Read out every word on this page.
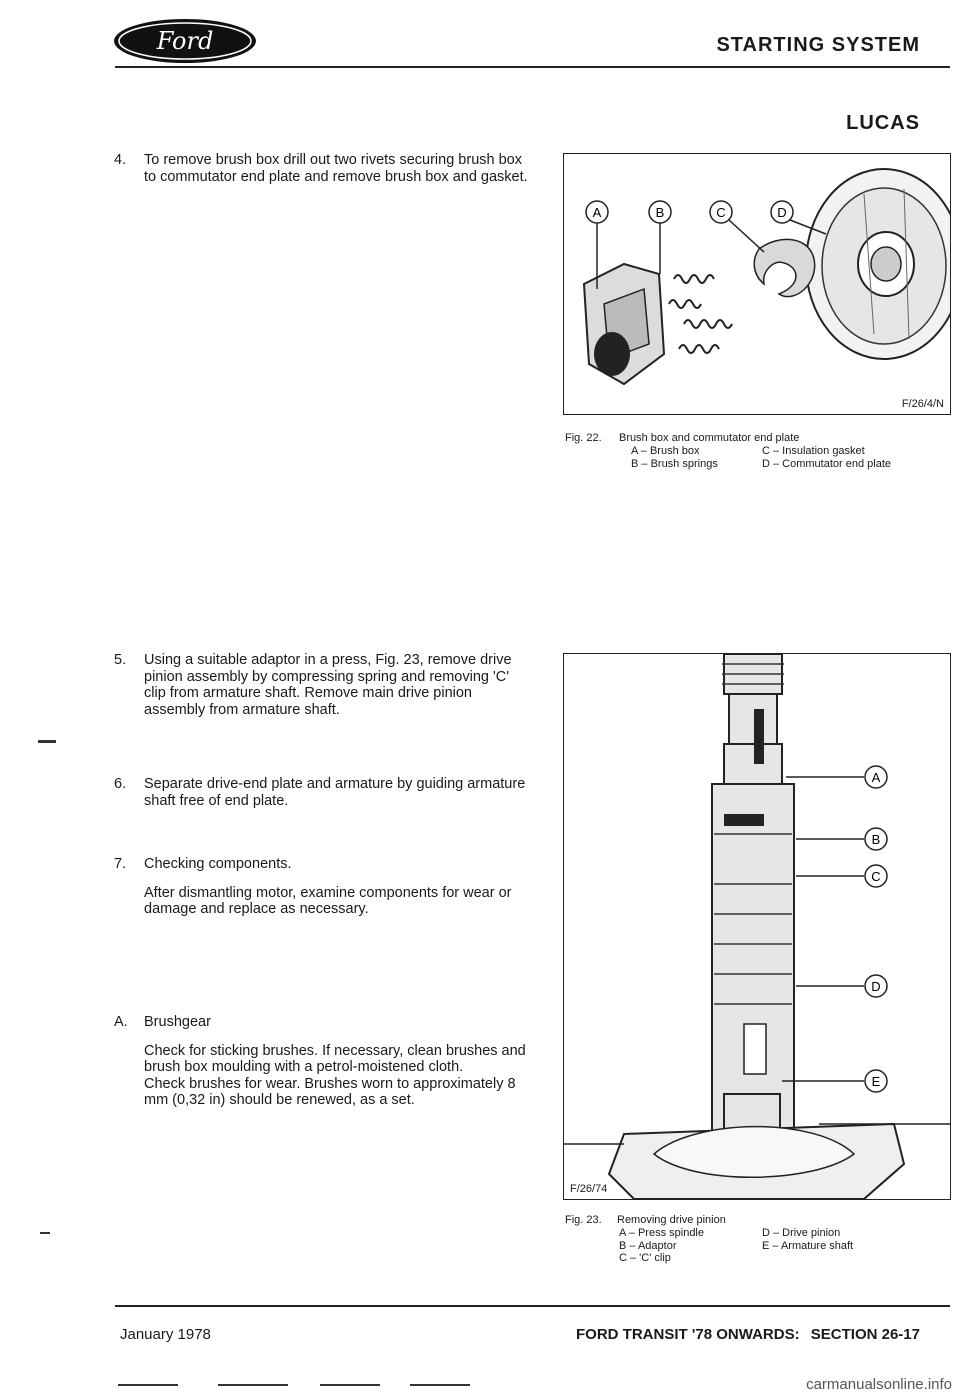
Ford	STARTING SYSTEM
LUCAS
4. To remove brush box drill out two rivets securing brush box to commutator end plate and remove brush box and gasket.

5. Using a suitable adaptor in a press, Fig. 23, remove drive pinion assembly by compressing spring and removing 'C' clip from armature shaft. Remove main drive pinion assembly from armature shaft.

6. Separate drive-end plate and armature by guiding armature shaft free of end plate.

7. Checking components.

After dismantling motor, examine components for wear or damage and replace as necessary.

A. Brushgear

Check for sticking brushes. If necessary, clean brushes and brush box moulding with a petrol-moistened cloth.

Check brushes for wear. Brushes worn to approximately 8 mm (0,32 in) should be renewed, as a set.

A	B	C	D
F/26/4/N
Fig. 22. Brush box and commutator end plate
A – Brush box
B – Brush springs
C – Insulation gasket
D – Commutator end plate
A
B
C
D
E
F/26/74
Fig. 23. Removing drive pinion
A – Press spindle
B – Adaptor
C – 'C' clip
D – Drive pinion
E – Armature shaft
January 1978	FORD TRANSIT '78 ONWARDS: SECTION 26-17
carmanualsonline.info
